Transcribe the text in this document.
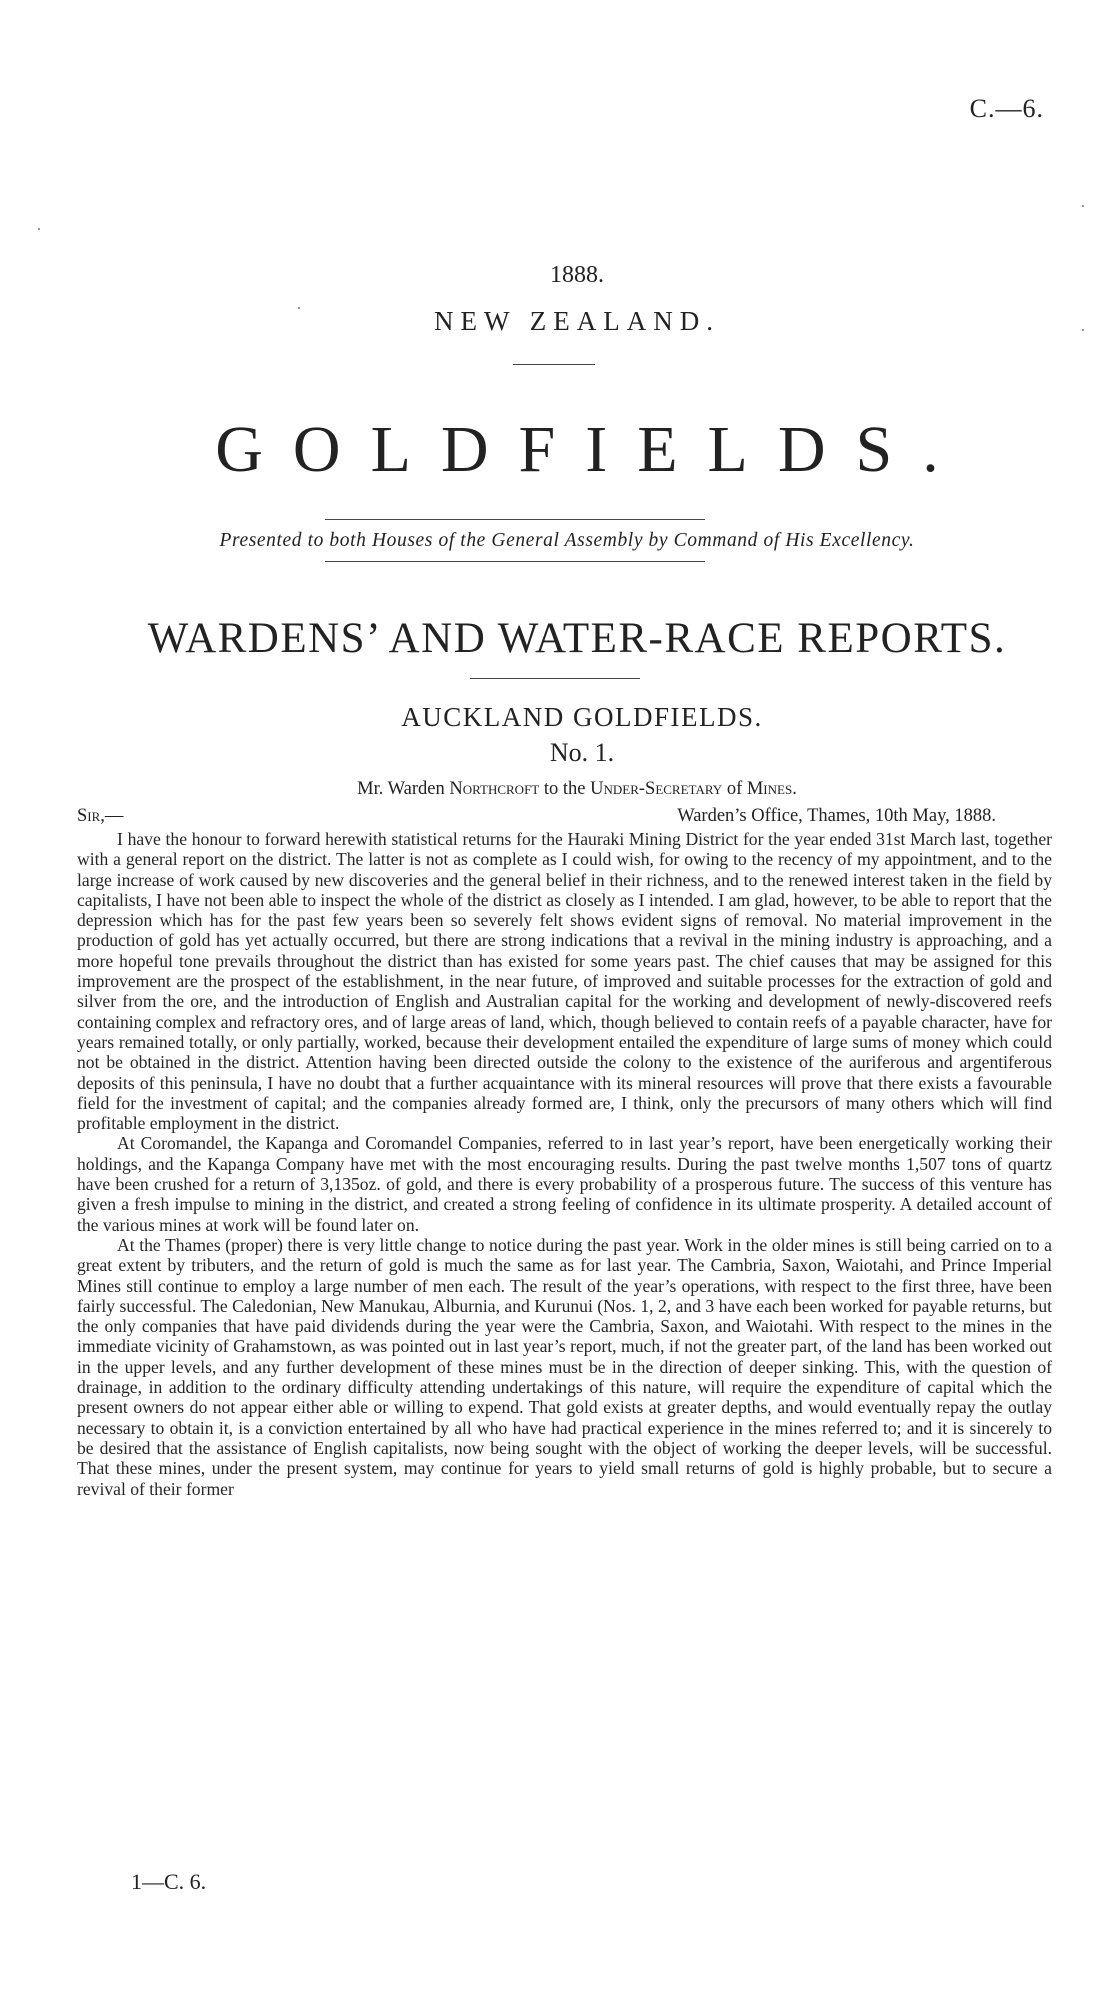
C.—6.
1888.
NEW ZEALAND.
GOLDFIELDS.
Presented to both Houses of the General Assembly by Command of His Excellency.
WARDENS’ AND WATER-RACE REPORTS.
AUCKLAND GOLDFIELDS.
No. 1.
Mr. Warden Northcroft to the Under-Secretary of Mines.
Sir,—	Warden’s Office, Thames, 10th May, 1888.

I have the honour to forward herewith statistical returns for the Hauraki Mining District for the year ended 31st March last, together with a general report on the district. The latter is not as complete as I could wish, for owing to the recency of my appointment, and to the large increase of work caused by new discoveries and the general belief in their richness, and to the renewed interest taken in the field by capitalists, I have not been able to inspect the whole of the district as closely as I intended. I am glad, however, to be able to report that the depression which has for the past few years been so severely felt shows evident signs of removal. No material improvement in the production of gold has yet actually occurred, but there are strong indications that a revival in the mining industry is approaching, and a more hopeful tone prevails throughout the district than has existed for some years past. The chief causes that may be assigned for this improvement are the prospect of the establishment, in the near future, of improved and suitable processes for the extraction of gold and silver from the ore, and the introduction of English and Australian capital for the working and development of newly-discovered reefs containing complex and refractory ores, and of large areas of land, which, though believed to contain reefs of a payable character, have for years remained totally, or only partially, worked, because their development entailed the expenditure of large sums of money which could not be obtained in the district. Attention having been directed outside the colony to the existence of the auriferous and argentiferous deposits of this peninsula, I have no doubt that a further acquaintance with its mineral resources will prove that there exists a favourable field for the investment of capital; and the companies already formed are, I think, only the precursors of many others which will find profitable employment in the district.

At Coromandel, the Kapanga and Coromandel Companies, referred to in last year’s report, have been energetically working their holdings, and the Kapanga Company have met with the most encouraging results. During the past twelve months 1,507 tons of quartz have been crushed for a return of 3,135oz. of gold, and there is every probability of a prosperous future. The success of this venture has given a fresh impulse to mining in the district, and created a strong feeling of confidence in its ultimate prosperity. A detailed account of the various mines at work will be found later on.

At the Thames (proper) there is very little change to notice during the past year. Work in the older mines is still being carried on to a great extent by tributers, and the return of gold is much the same as for last year. The Cambria, Saxon, Waiotahi, and Prince Imperial Mines still continue to employ a large number of men each. The result of the year’s operations, with respect to the first three, have been fairly successful. The Caledonian, New Manukau, Alburnia, and Kurunui (Nos. 1, 2, and 3 have each been worked for payable returns, but the only companies that have paid dividends during the year were the Cambria, Saxon, and Waiotahi. With respect to the mines in the immediate vicinity of Grahamstown, as was pointed out in last year’s report, much, if not the greater part, of the land has been worked out in the upper levels, and any further development of these mines must be in the direction of deeper sinking. This, with the question of drainage, in addition to the ordinary difficulty attending undertakings of this nature, will require the expenditure of capital which the present owners do not appear either able or willing to expend. That gold exists at greater depths, and would eventually repay the outlay necessary to obtain it, is a conviction entertained by all who have had practical experience in the mines referred to; and it is sincerely to be desired that the assistance of English capitalists, now being sought with the object of working the deeper levels, will be successful. That these mines, under the present system, may continue for years to yield small returns of gold is highly probable, but to secure a revival of their former

1—C. 6.
